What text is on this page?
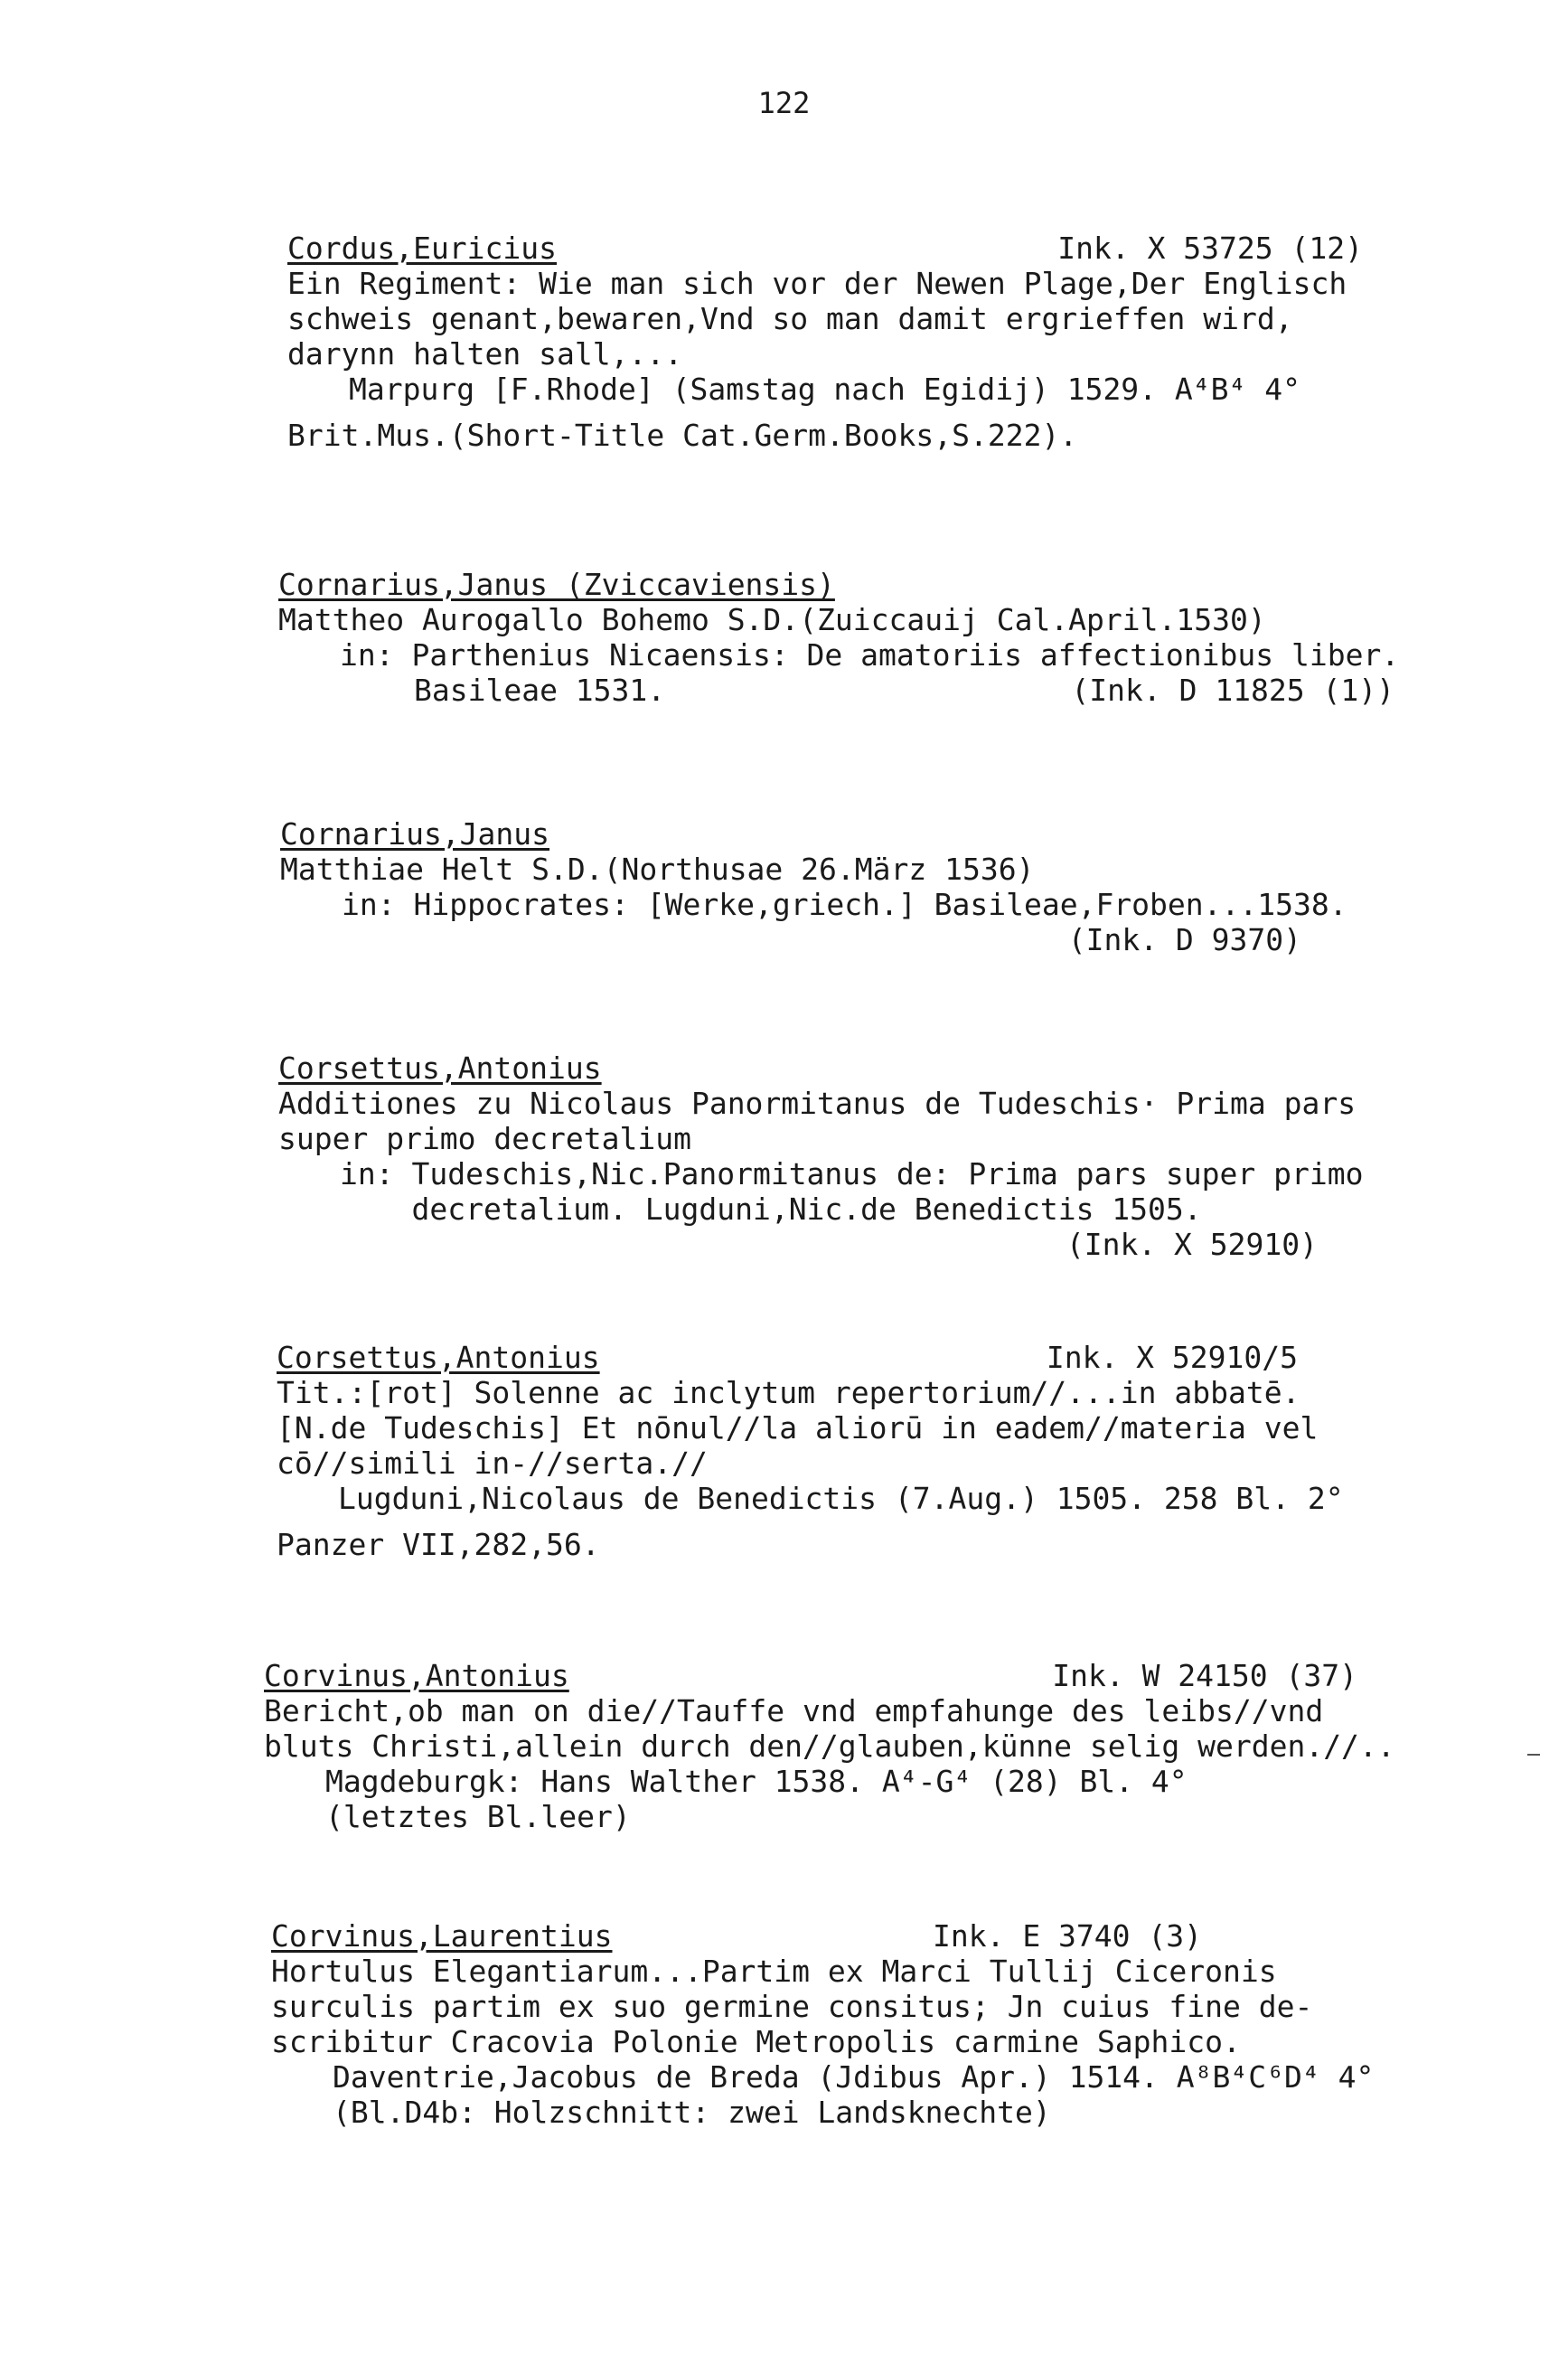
122
Cordus,Euricius	Ink. X 53725 (12)
Ein Regiment: Wie man sich vor der Newen Plage,Der Englisch
schweis genant,bewaren,Vnd so man damit ergrieffen wird,
darynn halten sall,...
Marpurg [F.Rhode] (Samstag nach Egidij) 1529. A⁴B⁴ 4°
Brit.Mus.(Short-Title Cat.Germ.Books,S.222).
Cornarius,Janus (Zviccaviensis)
Mattheo Aurogallo Bohemo S.D.(Zuiccauij Cal.April.1530)
in: Parthenius Nicaensis: De amatoriis affectionibus liber.
Basileae 1531.	(Ink. D 11825 (1))
Cornarius,Janus
Matthiae Helt S.D.(Northusae 26.März 1536)
in: Hippocrates: [Werke,griech.] Basileae,Froben...1538.
(Ink. D 9370)
Corsettus,Antonius
Additiones zu Nicolaus Panormitanus de Tudeschis· Prima pars
super primo decretalium
in: Tudeschis,Nic.Panormitanus de: Prima pars super primo
decretalium. Lugduni,Nic.de Benedictis 1505.
(Ink. X 52910)
Corsettus,Antonius	Ink. X 52910/5
Tit.:[rot] Solenne ac inclytum repertorium//...in abbatē.
[N.de Tudeschis] Et nōnul//la aliorū in eadem//materia vel
cō//simili in-//serta.//
Lugduni,Nicolaus de Benedictis (7.Aug.) 1505. 258 Bl. 2°
Panzer VII,282,56.
Corvinus,Antonius	Ink. W 24150 (37)
Bericht,ob man on die//Tauffe vnd empfahunge des leibs//vnd
bluts Christi,allein durch den//glauben,künne selig werden.//..
Magdeburgk: Hans Walther 1538. A⁴-G⁴ (28) Bl. 4°
(letztes Bl.leer)
Corvinus,Laurentius	Ink. E 3740 (3)
Hortulus Elegantiarum...Partim ex Marci Tullij Ciceronis
surculis partim ex suo germine consitus; Jn cuius fine de-
scribitur Cracovia Polonie Metropolis carmine Saphico.
Daventrie,Jacobus de Breda (Jdibus Apr.) 1514. A⁸B⁴C⁶D⁴ 4°
(Bl.D4b: Holzschnitt: zwei Landsknechte)
